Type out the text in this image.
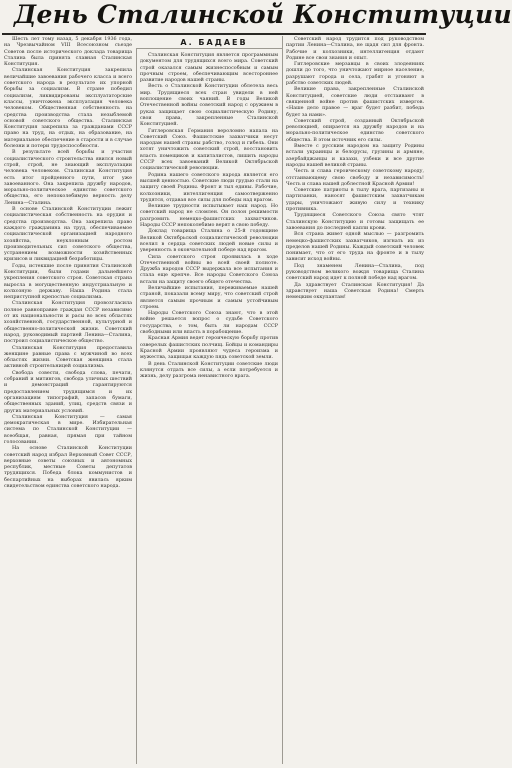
День Сталинской Конституции

Шесть лет тому назад, 5 декабря 1936 года, на Чрезвычайном VIII Всесоюзном съезде Советов после исторического доклада товарища Сталина была принята славная Сталинская Конституция.

Сталинская Конституция закрепила величайшие завоевания рабочего класса и всего советского народа в результате их упорной борьбы за социализм. В стране победил социализм, ликвидированы эксплуататорские классы, уничтожена эксплуатация человека человеком. Общественная собственность на средства производства стала незыблемой основой советского общества. Сталинская Конституция закрепила за гражданами СССР право на труд, на отдых, на образование, на материальное обеспечение в старости и в случае болезни и потери трудоспособности.

В результате всей борьбы и участия социалистического строительства явился новый строй, строй, не знающий эксплуатации человека человеком. Сталинская Конституция есть итог пройденного пути, итог уже завоеванного. Она закрепила дружбу народов, морально-политическое единство советского общества, его непоколебимую верность делу Ленина—Сталина.

В основе Сталинской Конституции лежит социалистическая собственность на орудия и средства производства. Она закрепила право каждого гражданина на труд, обеспечиваемое социалистической организацией народного хозяйства, неуклонным ростом производительных сил советского общества, устранением возможности хозяйственных кризисов и ликвидацией безработицы.

Годы, истекшие после принятия Сталинской Конституции, были годами дальнейшего укрепления советского строя. Советская страна выросла в могущественную индустриальную и колхозную державу. Наша Родина стала неприступной крепостью социализма.

Сталинская Конституция провозгласила полное равноправие граждан СССР независимо от их национальности и расы во всех областях хозяйственной, государственной, культурной и общественно-политической жизни. Советский народ, руководимый партией Ленина—Сталина, построил социалистическое общество.

Сталинская Конституция предоставила женщине равные права с мужчиной во всех областях жизни. Советская женщина стала активной строительницей социализма.

Свобода совести, свобода слова, печати, собраний и митингов, свобода уличных шествий и демонстраций гарантируются предоставлением трудящимся и их организациям типографий, запасов бумаги, общественных зданий, улиц, средств связи и других материальных условий.

Сталинская Конституция — самая демократическая в мире. Избирательная система по Сталинской Конституции — всеобщая, равная, прямая при тайном голосовании.

На основе Сталинской Конституции советский народ избрал Верховный Совет СССР, верховные советы союзных и автономных республик, местные Советы депутатов трудящихся. Победа блока коммунистов и беспартийных на выборах явилась ярким свидетельством единства советского народа.

А. БАДАЕВ

Сталинская Конституция является программным документом для трудящихся всего мира. Советский строй оказался самым жизнеспособным и самым прочным строем, обеспечивающим всестороннее развитие народов нашей страны.

Весть о Сталинской Конституции облетела весь мир. Трудящиеся всех стран увидели в ней воплощение своих чаяний. В годы Великой Отечественной войны советский народ с оружием в руках защищает свою социалистическую Родину, свои права, закрепленные Сталинской Конституцией.

Гитлеровская Германия вероломно напала на Советский Союз. Фашистские захватчики несут народам нашей страны рабство, голод и гибель. Они хотят уничтожить советский строй, восстановить власть помещиков и капиталистов, лишить народы СССР всех завоеваний Великой Октябрьской социалистической революции.

Родина нашего советского народа является его высшей ценностью. Советские люди грудью стали на защиту своей Родины. Фронт и тыл едины. Рабочие, колхозники, интеллигенция самоотверженно трудятся, отдавая все силы для победы над врагом.

Великие трудности испытывает наш народ. Но советский народ не сломлен. Он полон решимости разгромить немецко-фашистских захватчиков. Народы СССР непоколебимо верят в свою победу.

Доклад товарища Сталина о 25-й годовщине Великой Октябрьской социалистической революции вселил в сердца советских людей новые силы и уверенность в окончательной победе над врагом.

Сила советского строя проявилась в ходе Отечественной войны во всей своей полноте. Дружба народов СССР выдержала все испытания и стала еще крепче. Все народы Советского Союза встали на защиту своего общего отечества.

Величайшие испытания, переживаемые нашей страной, показали всему миру, что советский строй является самым прочным и самым устойчивым строем.

Народы Советского Союза знают, что в этой войне решается вопрос о судьбе Советского государства, о том, быть ли народам СССР свободными или впасть в порабощение.

Красная Армия ведет героическую борьбу против озверелых фашистских полчищ. Бойцы и командиры Красной Армии проявляют чудеса героизма и мужества, защищая каждую пядь советской земли.

В день Сталинской Конституции советские люди клянутся отдать все силы, а если потребуется и жизнь, делу разгрома ненавистного врага.

Советский народ трудится под руководством партии Ленина—Сталина, не щадя сил для фронта. Рабочие и колхозники, интеллигенция отдают Родине все свои знания и опыт.

Гитлеровские мерзавцы в своих злодеяниях дошли до того, что уничтожают мирное население, разрушают города и села, грабят и угоняют в рабство советских людей.

Великие права, закрепленные Сталинской Конституцией, советские люди отстаивают в священной войне против фашистских извергов. «Наше дело правое — враг будет разбит, победа будет за нами».

Советский строй, созданный Октябрьской революцией, опирается на дружбу народов и на морально-политическое единство советского общества. В этом источник его силы.

Вместе с русским народом на защиту Родины встали украинцы и белорусы, грузины и армяне, азербайджанцы и казахи, узбеки и все другие народы нашей великой страны.

Честь и слава героическому советскому народу, отстаивающему свою свободу и независимость! Честь и слава нашей доблестной Красной Армии!

Советские патриоты в тылу врага, партизаны и партизанки, наносят фашистским захватчикам удары, уничтожают живую силу и технику противника.

Трудящиеся Советского Союза свято чтят Сталинскую Конституцию и готовы защищать ее завоевания до последней капли крови.

Вся страна живет одной мыслью — разгромить немецко-фашистских захватчиков, изгнать их из пределов нашей Родины. Каждый советский человек понимает, что от его труда на фронте и в тылу зависит исход войны.

Под знаменем Ленина—Сталина, под руководством великого вождя товарища Сталина советский народ идет к полной победе над врагом.

Да здравствует Сталинская Конституция! Да здравствует наша Советская Родина! Смерть немецким оккупантам!
